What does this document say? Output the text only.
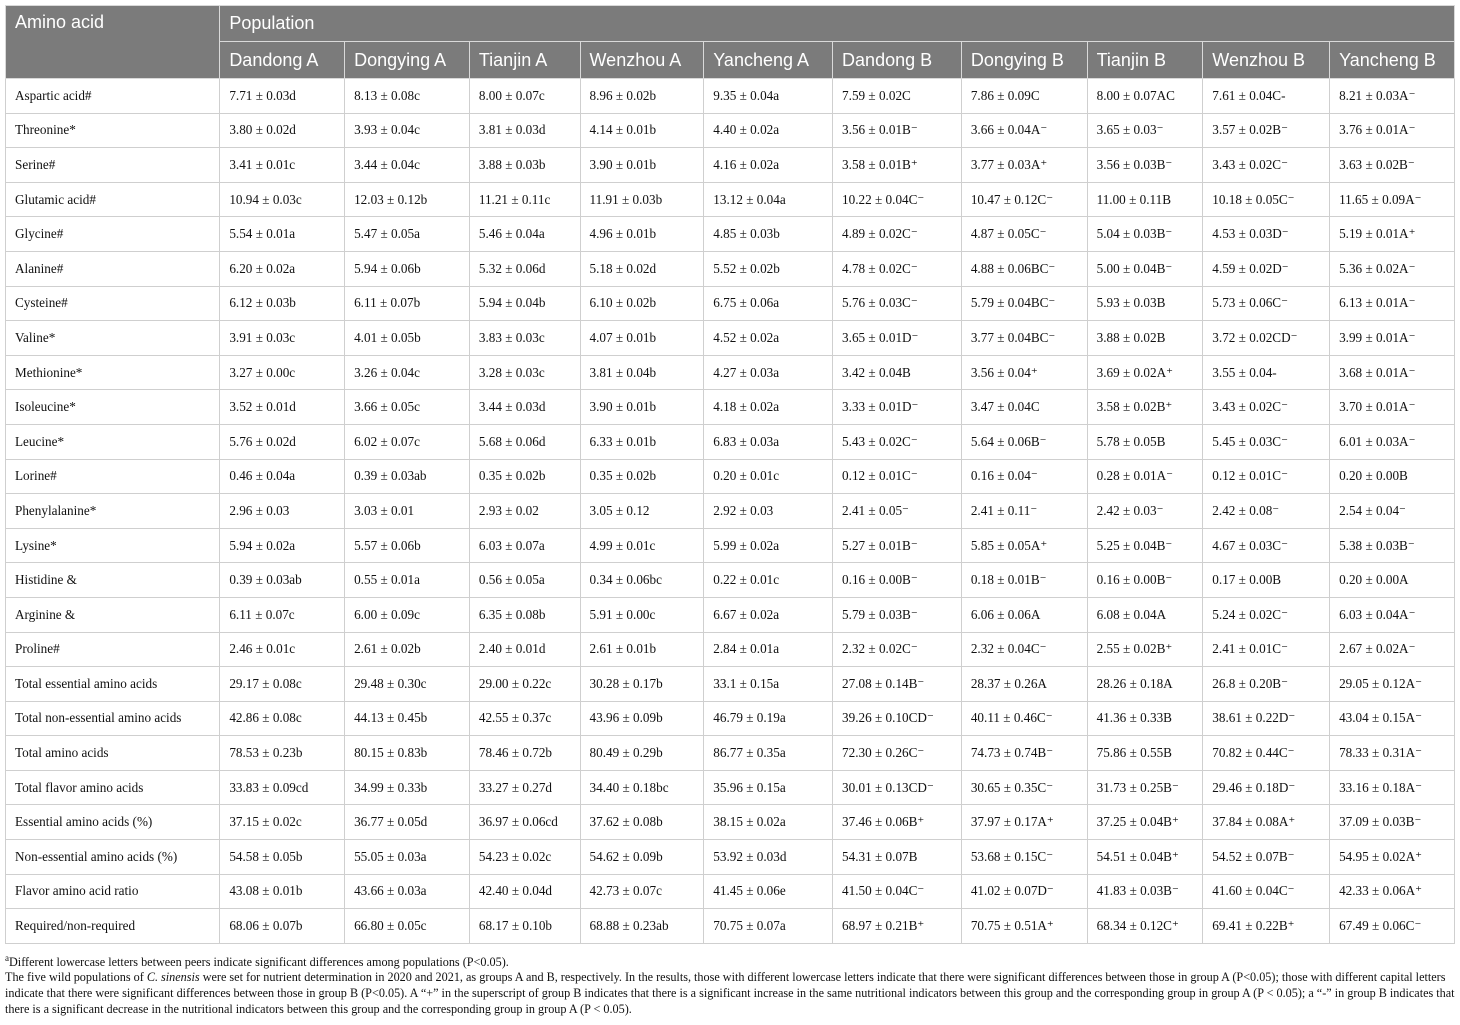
Amino acid	Population									
	Dandong A	Dongying A	Tianjin A	Wenzhou A	Yancheng A	Dandong B	Dongying B	Tianjin B	Wenzhou B	Yancheng B
Aspartic acid#	7.71 ± 0.03d	8.13 ± 0.08c	8.00 ± 0.07c	8.96 ± 0.02b	9.35 ± 0.04a	7.59 ± 0.02C	7.86 ± 0.09C	8.00 ± 0.07AC	7.61 ± 0.04C-	8.21 ± 0.03A⁻
Threonine*	3.80 ± 0.02d	3.93 ± 0.04c	3.81 ± 0.03d	4.14 ± 0.01b	4.40 ± 0.02a	3.56 ± 0.01B⁻	3.66 ± 0.04A⁻	3.65 ± 0.03⁻	3.57 ± 0.02B⁻	3.76 ± 0.01A⁻
Serine#	3.41 ± 0.01c	3.44 ± 0.04c	3.88 ± 0.03b	3.90 ± 0.01b	4.16 ± 0.02a	3.58 ± 0.01B⁺	3.77 ± 0.03A⁺	3.56 ± 0.03B⁻	3.43 ± 0.02C⁻	3.63 ± 0.02B⁻
Glutamic acid#	10.94 ± 0.03c	12.03 ± 0.12b	11.21 ± 0.11c	11.91 ± 0.03b	13.12 ± 0.04a	10.22 ± 0.04C⁻	10.47 ± 0.12C⁻	11.00 ± 0.11B	10.18 ± 0.05C⁻	11.65 ± 0.09A⁻
Glycine#	5.54 ± 0.01a	5.47 ± 0.05a	5.46 ± 0.04a	4.96 ± 0.01b	4.85 ± 0.03b	4.89 ± 0.02C⁻	4.87 ± 0.05C⁻	5.04 ± 0.03B⁻	4.53 ± 0.03D⁻	5.19 ± 0.01A⁺
Alanine#	6.20 ± 0.02a	5.94 ± 0.06b	5.32 ± 0.06d	5.18 ± 0.02d	5.52 ± 0.02b	4.78 ± 0.02C⁻	4.88 ± 0.06BC⁻	5.00 ± 0.04B⁻	4.59 ± 0.02D⁻	5.36 ± 0.02A⁻
Cysteine#	6.12 ± 0.03b	6.11 ± 0.07b	5.94 ± 0.04b	6.10 ± 0.02b	6.75 ± 0.06a	5.76 ± 0.03C⁻	5.79 ± 0.04BC⁻	5.93 ± 0.03B	5.73 ± 0.06C⁻	6.13 ± 0.01A⁻
Valine*	3.91 ± 0.03c	4.01 ± 0.05b	3.83 ± 0.03c	4.07 ± 0.01b	4.52 ± 0.02a	3.65 ± 0.01D⁻	3.77 ± 0.04BC⁻	3.88 ± 0.02B	3.72 ± 0.02CD⁻	3.99 ± 0.01A⁻
Methionine*	3.27 ± 0.00c	3.26 ± 0.04c	3.28 ± 0.03c	3.81 ± 0.04b	4.27 ± 0.03a	3.42 ± 0.04B	3.56 ± 0.04⁺	3.69 ± 0.02A⁺	3.55 ± 0.04-	3.68 ± 0.01A⁻
Isoleucine*	3.52 ± 0.01d	3.66 ± 0.05c	3.44 ± 0.03d	3.90 ± 0.01b	4.18 ± 0.02a	3.33 ± 0.01D⁻	3.47 ± 0.04C	3.58 ± 0.02B⁺	3.43 ± 0.02C⁻	3.70 ± 0.01A⁻
Leucine*	5.76 ± 0.02d	6.02 ± 0.07c	5.68 ± 0.06d	6.33 ± 0.01b	6.83 ± 0.03a	5.43 ± 0.02C⁻	5.64 ± 0.06B⁻	5.78 ± 0.05B	5.45 ± 0.03C⁻	6.01 ± 0.03A⁻
Lorine#	0.46 ± 0.04a	0.39 ± 0.03ab	0.35 ± 0.02b	0.35 ± 0.02b	0.20 ± 0.01c	0.12 ± 0.01C⁻	0.16 ± 0.04⁻	0.28 ± 0.01A⁻	0.12 ± 0.01C⁻	0.20 ± 0.00B
Phenylalanine*	2.96 ± 0.03	3.03 ± 0.01	2.93 ± 0.02	3.05 ± 0.12	2.92 ± 0.03	2.41 ± 0.05⁻	2.41 ± 0.11⁻	2.42 ± 0.03⁻	2.42 ± 0.08⁻	2.54 ± 0.04⁻
Lysine*	5.94 ± 0.02a	5.57 ± 0.06b	6.03 ± 0.07a	4.99 ± 0.01c	5.99 ± 0.02a	5.27 ± 0.01B⁻	5.85 ± 0.05A⁺	5.25 ± 0.04B⁻	4.67 ± 0.03C⁻	5.38 ± 0.03B⁻
Histidine &	0.39 ± 0.03ab	0.55 ± 0.01a	0.56 ± 0.05a	0.34 ± 0.06bc	0.22 ± 0.01c	0.16 ± 0.00B⁻	0.18 ± 0.01B⁻	0.16 ± 0.00B⁻	0.17 ± 0.00B	0.20 ± 0.00A
Arginine &	6.11 ± 0.07c	6.00 ± 0.09c	6.35 ± 0.08b	5.91 ± 0.00c	6.67 ± 0.02a	5.79 ± 0.03B⁻	6.06 ± 0.06A	6.08 ± 0.04A	5.24 ± 0.02C⁻	6.03 ± 0.04A⁻
Proline#	2.46 ± 0.01c	2.61 ± 0.02b	2.40 ± 0.01d	2.61 ± 0.01b	2.84 ± 0.01a	2.32 ± 0.02C⁻	2.32 ± 0.04C⁻	2.55 ± 0.02B⁺	2.41 ± 0.01C⁻	2.67 ± 0.02A⁻
Total essential amino acids	29.17 ± 0.08c	29.48 ± 0.30c	29.00 ± 0.22c	30.28 ± 0.17b	33.1 ± 0.15a	27.08 ± 0.14B⁻	28.37 ± 0.26A	28.26 ± 0.18A	26.8 ± 0.20B⁻	29.05 ± 0.12A⁻
Total non-essential amino acids	42.86 ± 0.08c	44.13 ± 0.45b	42.55 ± 0.37c	43.96 ± 0.09b	46.79 ± 0.19a	39.26 ± 0.10CD⁻	40.11 ± 0.46C⁻	41.36 ± 0.33B	38.61 ± 0.22D⁻	43.04 ± 0.15A⁻
Total amino acids	78.53 ± 0.23b	80.15 ± 0.83b	78.46 ± 0.72b	80.49 ± 0.29b	86.77 ± 0.35a	72.30 ± 0.26C⁻	74.73 ± 0.74B⁻	75.86 ± 0.55B	70.82 ± 0.44C⁻	78.33 ± 0.31A⁻
Total flavor amino acids	33.83 ± 0.09cd	34.99 ± 0.33b	33.27 ± 0.27d	34.40 ± 0.18bc	35.96 ± 0.15a	30.01 ± 0.13CD⁻	30.65 ± 0.35C⁻	31.73 ± 0.25B⁻	29.46 ± 0.18D⁻	33.16 ± 0.18A⁻
Essential amino acids (%)	37.15 ± 0.02c	36.77 ± 0.05d	36.97 ± 0.06cd	37.62 ± 0.08b	38.15 ± 0.02a	37.46 ± 0.06B⁺	37.97 ± 0.17A⁺	37.25 ± 0.04B⁺	37.84 ± 0.08A⁺	37.09 ± 0.03B⁻
Non-essential amino acids (%)	54.58 ± 0.05b	55.05 ± 0.03a	54.23 ± 0.02c	54.62 ± 0.09b	53.92 ± 0.03d	54.31 ± 0.07B	53.68 ± 0.15C⁻	54.51 ± 0.04B⁺	54.52 ± 0.07B⁻	54.95 ± 0.02A⁺
Flavor amino acid ratio	43.08 ± 0.01b	43.66 ± 0.03a	42.40 ± 0.04d	42.73 ± 0.07c	41.45 ± 0.06e	41.50 ± 0.04C⁻	41.02 ± 0.07D⁻	41.83 ± 0.03B⁻	41.60 ± 0.04C⁻	42.33 ± 0.06A⁺
Required/non-required	68.06 ± 0.07b	66.80 ± 0.05c	68.17 ± 0.10b	68.88 ± 0.23ab	70.75 ± 0.07a	68.97 ± 0.21B⁺	70.75 ± 0.51A⁺	68.34 ± 0.12C⁺	69.41 ± 0.22B⁺	67.49 ± 0.06C⁻
$^a$Different lowercase letters between peers indicate significant differences among populations (P<0.05).
The five wild populations of C. sinensis were set for nutrient determination in 2020 and 2021, as groups A and B, respectively. In the results, those with different lowercase letters indicate that there were significant differences between those in group A (P<0.05); those with different capital letters indicate that there were significant differences between those in group B (P<0.05). A “+” in the superscript of group B indicates that there is a significant increase in the same nutritional indicators between this group and the corresponding group in group A (P < 0.05); a “-” in group B indicates that there is a significant decrease in the nutritional indicators between this group and the corresponding group in group A (P < 0.05).
